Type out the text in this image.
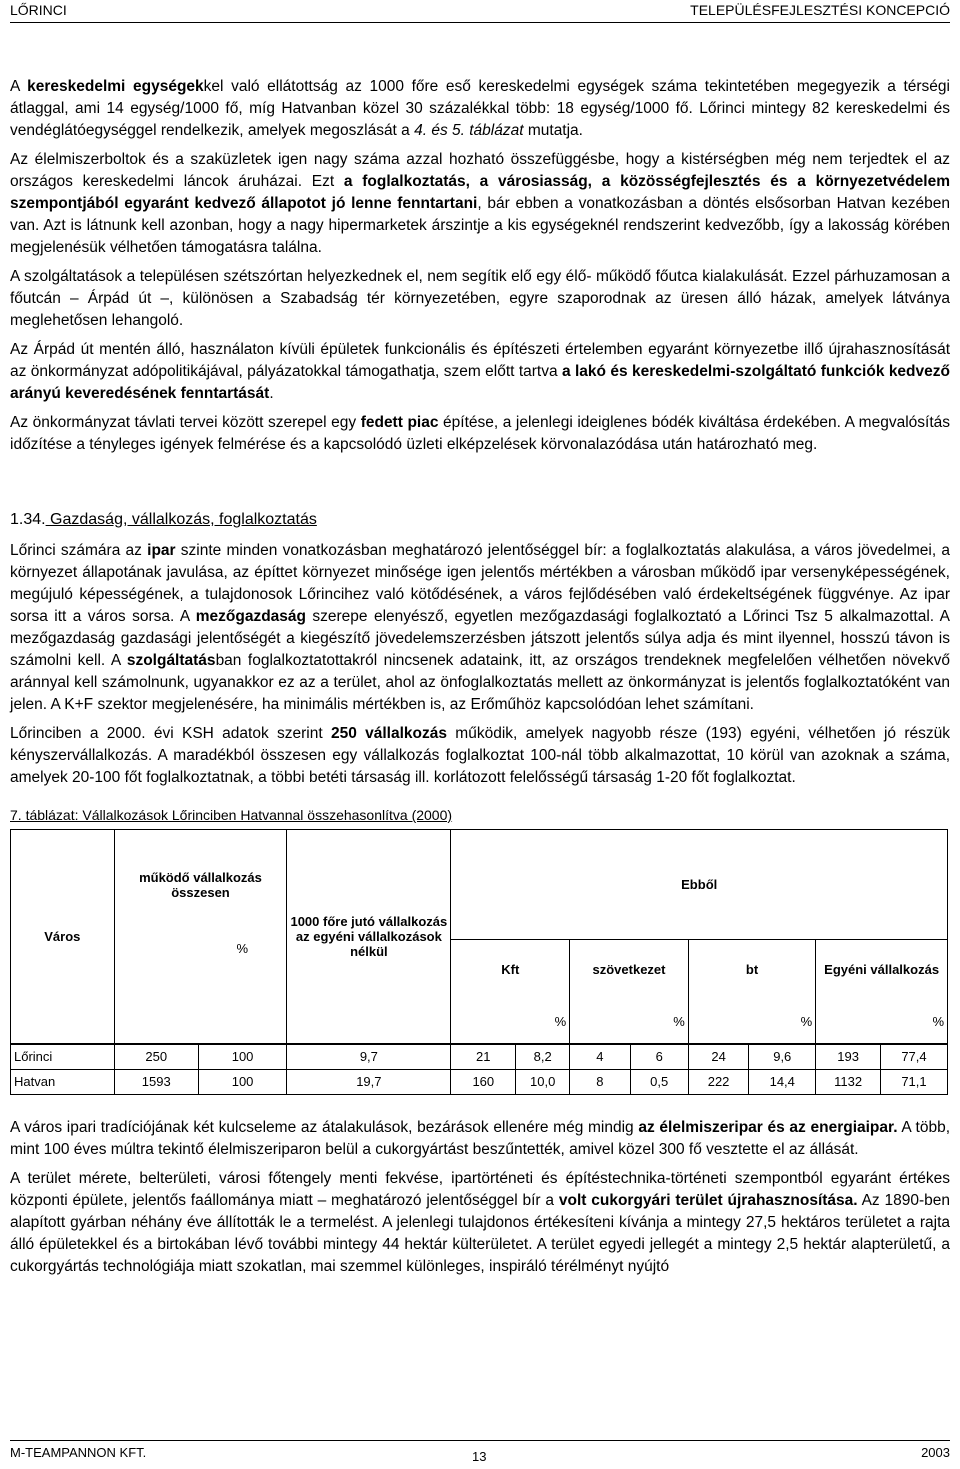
LŐRINCI	TELEPÜLÉSFEJLESZTÉSI KONCEPCIÓ

A kereskedelmi egységekkel való ellátottság az 1000 főre eső kereskedelmi egységek száma tekintetében megegyezik a térségi átlaggal, ami 14 egység/1000 fő, míg Hatvanban közel 30 százalékkal több: 18 egység/1000 fő. Lőrinci mintegy 82 kereskedelmi és vendéglátóegységgel rendelkezik, amelyek megoszlását a 4. és 5. táblázat mutatja.

Az élelmiszerboltok és a szaküzletek igen nagy száma azzal hozható összefüggésbe, hogy a kistérségben még nem terjedtek el az országos kereskedelmi láncok áruházai. Ezt a foglalkoztatás, a városiasság, a közösségfejlesztés és a környezetvédelem szempontjából egyaránt kedvező állapotot jó lenne fenntartani, bár ebben a vonatkozásban a döntés elsősorban Hatvan kezében van. Azt is látnunk kell azonban, hogy a nagy hipermarketek árszintje a kis egységeknél rendszerint kedvezőbb, így a lakosság körében megjelenésük vélhetően támogatásra találna.

A szolgáltatások a településen szétszórtan helyezkednek el, nem segítik elő egy élő- működő főutca kialakulását. Ezzel párhuzamosan a főutcán – Árpád út –, különösen a Szabadság tér környezetében, egyre szaporodnak az üresen álló házak, amelyek látványa meglehetősen lehangoló.

Az Árpád út mentén álló, használaton kívüli épületek funkcionális és építészeti értelemben egyaránt környezetbe illő újrahasznosítását az önkormányzat adópolitikájával, pályázatokkal támogathatja, szem előtt tartva a lakó és kereskedelmi-szolgáltató funkciók kedvező arányú keveredésének fenntartását.

Az önkormányzat távlati tervei között szerepel egy fedett piac építése, a jelenlegi ideiglenes bódék kiváltása érdekében. A megvalósítás időzítése a tényleges igények felmérése és a kapcsolódó üzleti elképzelések körvonalazódása után határozható meg.

1.34. Gazdaság, vállalkozás, foglalkoztatás

Lőrinci számára az ipar szinte minden vonatkozásban meghatározó jelentőséggel bír: a foglalkoztatás alakulása, a város jövedelmei, a környezet állapotának javulása, az építtet környezet minősége igen jelentős mértékben a városban működő ipar versenyképességének, megújuló képességének, a tulajdonosok Lőrincihez való kötődésének, a város fejlődésében való érdekeltségének függvénye. Az ipar sorsa itt a város sorsa. A mezőgazdaság szerepe elenyésző, egyetlen mezőgazdasági foglalkoztató a Lőrinci Tsz 5 alkalmazottal. A mezőgazdaság gazdasági jelentőségét a kiegészítő jövedelemszerzésben játszott jelentős súlya adja és mint ilyennel, hosszú távon is számolni kell. A szolgáltatásban foglalkoztatottakról nincsenek adataink, itt, az országos trendeknek megfelelően vélhetően növekvő aránnyal kell számolnunk, ugyanakkor ez az a terület, ahol az önfoglalkoztatás mellett az önkormányzat is jelentős foglalkoztatóként van jelen. A K+F szektor megjelenésére, ha minimális mértékben is, az Erőműhöz kapcsolódóan lehet számítani.

Lőrinciben a 2000. évi KSH adatok szerint 250 vállalkozás működik, amelyek nagyobb része (193) egyéni, vélhetően jó részük kényszervállalkozás. A maradékból összesen egy vállalkozás foglalkoztat 100-nál több alkalmazottat, 10 körül van azoknak a száma, amelyek 20-100 főt foglalkoztatnak, a többi betéti társaság ill. korlátozott felelősségű társaság 1-20 főt foglalkoztat.

7. táblázat: Vállalkozások Lőrinciben Hatvannal összehasonlítva (2000)
Város	működő vállalkozás összesen		1000 főre jutó vállalkozás az egyéni vállalkozások nélkül	Ebből							
		%		Kft		szövetkezet		bt		Egyéni vállalkozás	
				%		%		%		%	
Lőrinci	250	100	9,7	21	8,2	4	6	24	9,6	193	77,4
Hatvan	1593	100	19,7	160	10,0	8	0,5	222	14,4	1132	71,1

A város ipari tradíciójának két kulcseleme az átalakulások, bezárások ellenére még mindig az élelmiszeripar és az energiaipar. A több, mint 100 éves múltra tekintő élelmiszeriparon belül a cukorgyártást beszűntették, amivel közel 300 fő vesztette el az állását.

A terület mérete, belterületi, városi főtengely menti fekvése, ipartörténeti és építéstechnika-történeti szempontból egyaránt értékes központi épülete, jelentős faállománya miatt – meghatározó jelentőséggel bír a volt cukorgyári terület újrahasznosítása. Az 1890-ben alapított gyárban néhány éve állították le a termelést. A jelenlegi tulajdonos értékesíteni kívánja a mintegy 27,5 hektáros területet a rajta álló épületekkel és a birtokában lévő további mintegy 44 hektár külterületet. A terület egyedi jellegét a mintegy 2,5 hektár alapterületű, a cukorgyártás technológiája miatt szokatlan, mai szemmel különleges, inspiráló térélményt nyújtó

M-TEAMPANNON KFT.	13	2003
